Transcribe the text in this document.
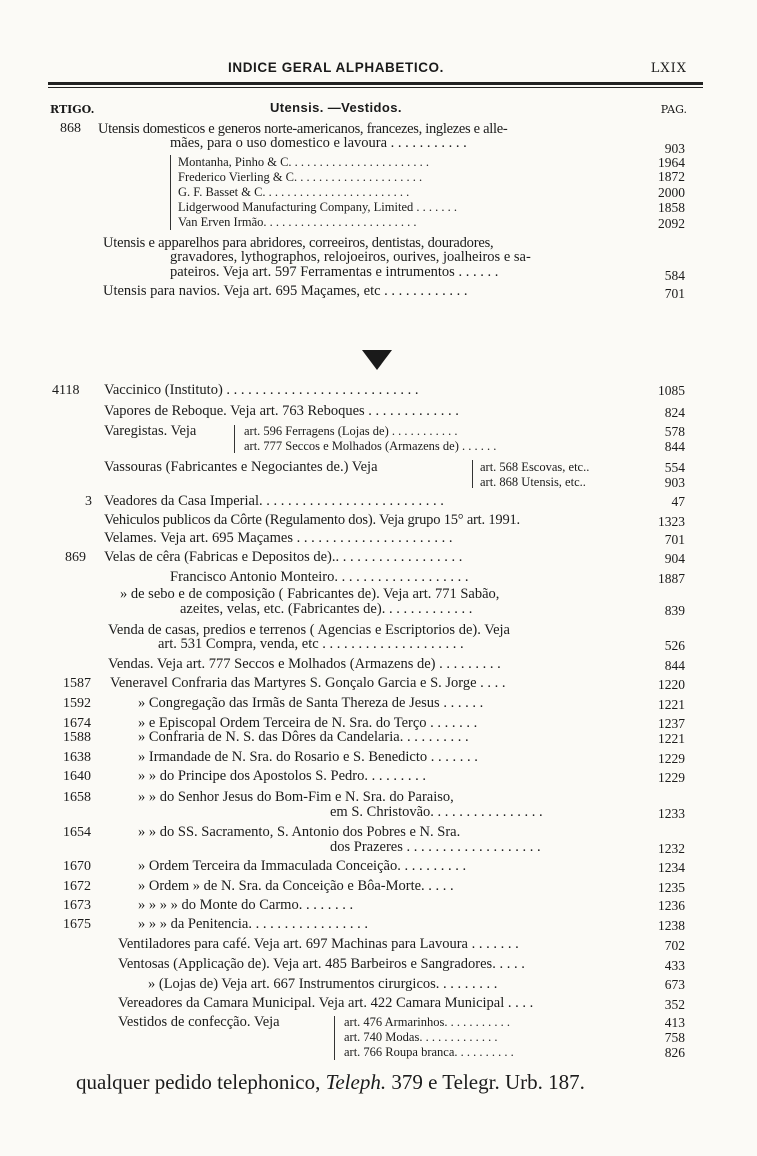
INDICE GERAL ALPHABETICO.	LXIX
RTIGO.	Utensis. —Vestidos.	PAG.
868 Utensis domesticos e generos norte-americanos, francezes, inglezes e alle-
mães, para o uso domestico e lavoura . . . . . . . . . . .	903
Montanha, Pinho & C. . . . . . . . . . . . . . . . . . . . . . .	1964
Frederico Vierling & C. . . . . . . . . . . . . . . . . . . . .	1872
G. F. Basset & C. . . . . . . . . . . . . . . . . . . . . . . .	2000
Lidgerwood Manufacturing Company, Limited . . . . . . .	1858
Van Erven Irmão. . . . . . . . . . . . . . . . . . . . . . . . .	2092
Utensis e apparelhos para abridores, correeiros, dentistas, douradores,
gravadores, lythographos, relojoeiros, ourives, joalheiros e sa-
pateiros. Veja art. 597 Ferramentas e intrumentos . . . . . .	584
Utensis para navios. Veja art. 695 Maçames, etc . . . . . . . . . . . .	701
4118 Vaccinico (Instituto) . . . . . . . . . . . . . . . . . . . . . . . . . . .	1085
Vapores de Reboque. Veja art. 763 Reboques . . . . . . . . . . . . .	824
Varegistas. Veja	art. 596 Ferragens (Lojas de) . . . . . . . . . . .	578
art. 777 Seccos e Molhados (Armazens de) . . . . . .	844
Vassouras (Fabricantes e Negociantes de.) Veja	art. 568 Escovas, etc..	554
art. 868 Utensis, etc..	903
3 Veadores da Casa Imperial. . . . . . . . . . . . . . . . . . . . . . . . . .	47
Vehiculos publicos da Côrte (Regulamento dos). Veja grupo 15° art. 1991.	1323
Velames. Veja art. 695 Maçames . . . . . . . . . . . . . . . . . . . . . .	701
869 Velas de cêra (Fabricas e Depositos de).. . . . . . . . . . . . . . . . . .	904
Francisco Antonio Monteiro. . . . . . . . . . . . . . . . . . .	1887
» de sebo e de composição ( Fabricantes de). Veja art. 771 Sabão,
azeites, velas, etc. (Fabricantes de). . . . . . . . . . . . .	839
Venda de casas, predios e terrenos ( Agencias e Escriptorios de). Veja
art. 531 Compra, venda, etc . . . . . . . . . . . . . . . . . . . .	526
Vendas. Veja art. 777 Seccos e Molhados (Armazens de) . . . . . . . . .	844
1587 Veneravel Confraria das Martyres S. Gonçalo Garcia e S. Jorge . . . .	1220
1592	» Congregação das Irmãs de Santa Thereza de Jesus . . . . . .	1221
1674	» e Episcopal Ordem Terceira de N. Sra. do Terço . . . . . . .	1237
1588	» Confraria de N. S. das Dôres da Candelaria. . . . . . . . . .	1221
1638	» Irmandade de N. Sra. do Rosario e S. Benedicto . . . . . . .	1229
1640	» » do Principe dos Apostolos S. Pedro. . . . . . . . .	1229
1658	» » do Senhor Jesus do Bom-Fim e N. Sra. do Paraiso,
em S. Christovão. . . . . . . . . . . . . . . .	1233
1654	» » do SS. Sacramento, S. Antonio dos Pobres e N. Sra.
dos Prazeres . . . . . . . . . . . . . . . . . . .	1232
1670	» Ordem Terceira da Immaculada Conceição. . . . . . . . . .	1234
1672	» Ordem » de N. Sra. da Conceição e Bôa-Morte. . . . .	1235
1673	» » » » do Monte do Carmo. . . . . . . .	1236
1675	» » » da Penitencia. . . . . . . . . . . . . . . . .	1238
Ventiladores para café. Veja art. 697 Machinas para Lavoura . . . . . . .	702
Ventosas (Applicação de). Veja art. 485 Barbeiros e Sangradores. . . . .	433
» (Lojas de) Veja art. 667 Instrumentos cirurgicos. . . . . . . . .	673
Vereadores da Camara Municipal. Veja art. 422 Camara Municipal . . . .	352
Vestidos de confecção. Veja	art. 476 Armarinhos. . . . . . . . . . .	413
art. 740 Modas. . . . . . . . . . . . .	758
art. 766 Roupa branca. . . . . . . . . .	826
qualquer pedido telephonico, Teleph. 379 e Telegr. Urb. 187.
